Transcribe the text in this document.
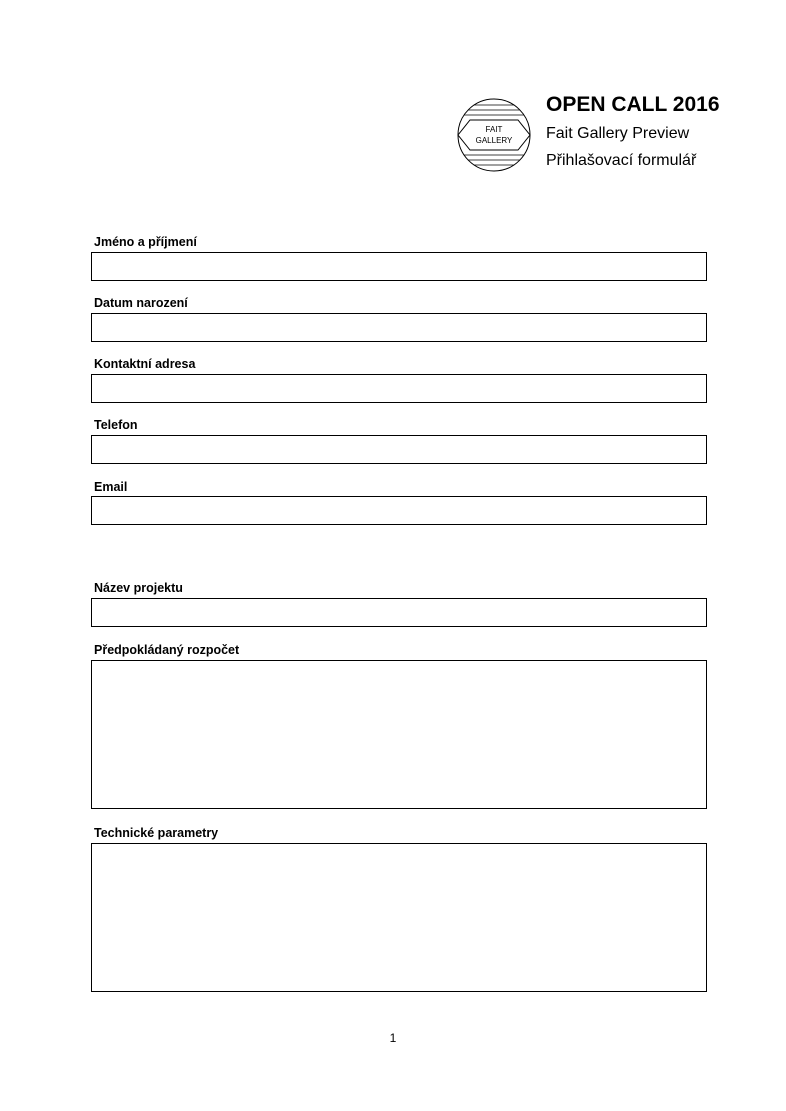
FAIT
GALLERY
OPEN CALL 2016
Fait Gallery Preview
Přihlašovací formulář
Jméno a příjmení
Datum narození
Kontaktní adresa
Telefon
Email
Název projektu
Předpokládaný rozpočet
Technické parametry
1
